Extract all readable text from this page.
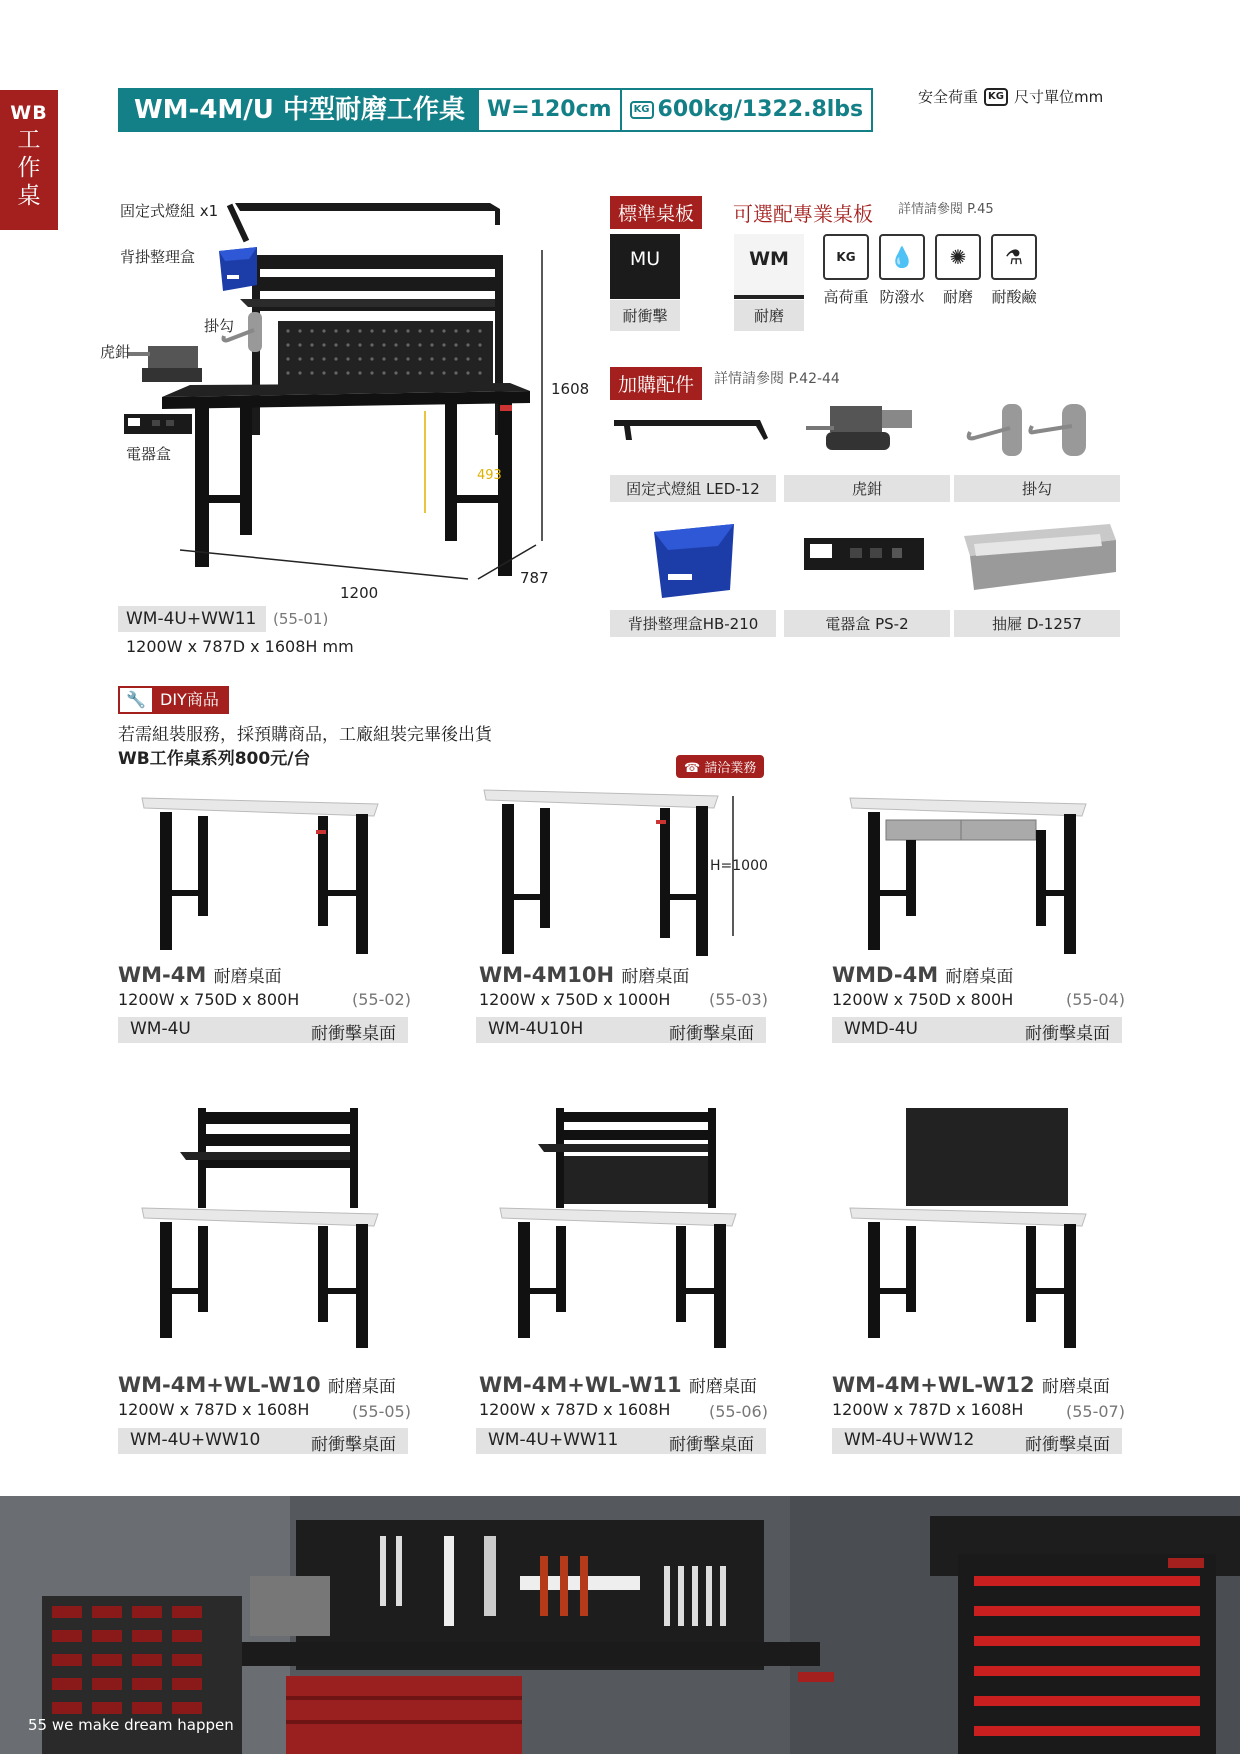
WB
工作桌
WM-4M/U 中型耐磨工作桌	W=120cm	KG 600kg/1322.8lbs	安全荷重	KG 尺寸單位mm
固定式燈組 x1
背掛整理盒
掛勾
虎鉗
電器盒
1608
1200
787
493
WM-4U+WW11	(55-01)
1200W x 787D x 1608H mm
標準桌板	可選配專業桌板 詳情請參閱 P.45
MU
耐衝擊
WM
耐磨
KG	💧	✺	⚗
高荷重 防潑水	耐磨	耐酸鹼
加購配件	詳情請參閱 P.42-44
固定式燈組 LED-12	虎鉗	掛勾
背掛整理盒HB-210	電器盒 PS-2	抽屜 D-1257
🔧 DIY商品
若需組裝服務，採預購商品，工廠組裝完畢後出貨
WB工作桌系列800元/台	☎ 請洽業務
H=1000
WM-4M 耐磨桌面
1200W x 750D x 800H	(55-02)
WM-4U	耐衝擊桌面
WM-4M10H 耐磨桌面
1200W x 750D x 1000H (55-03)
WM-4U10H	耐衝擊桌面
WMD-4M 耐磨桌面
1200W x 750D x 800H	(55-04)
WMD-4U	耐衝擊桌面
WM-4M+WL-W10 耐磨桌面
1200W x 787D x 1608H	(55-05)
WM-4U+WW10	耐衝擊桌面
WM-4M+WL-W11 耐磨桌面
1200W x 787D x 1608H (55-06)
WM-4U+WW11	耐衝擊桌面
WM-4M+WL-W12 耐磨桌面
1200W x 787D x 1608H	(55-07)
WM-4U+WW12	耐衝擊桌面
55 we make dream happen
